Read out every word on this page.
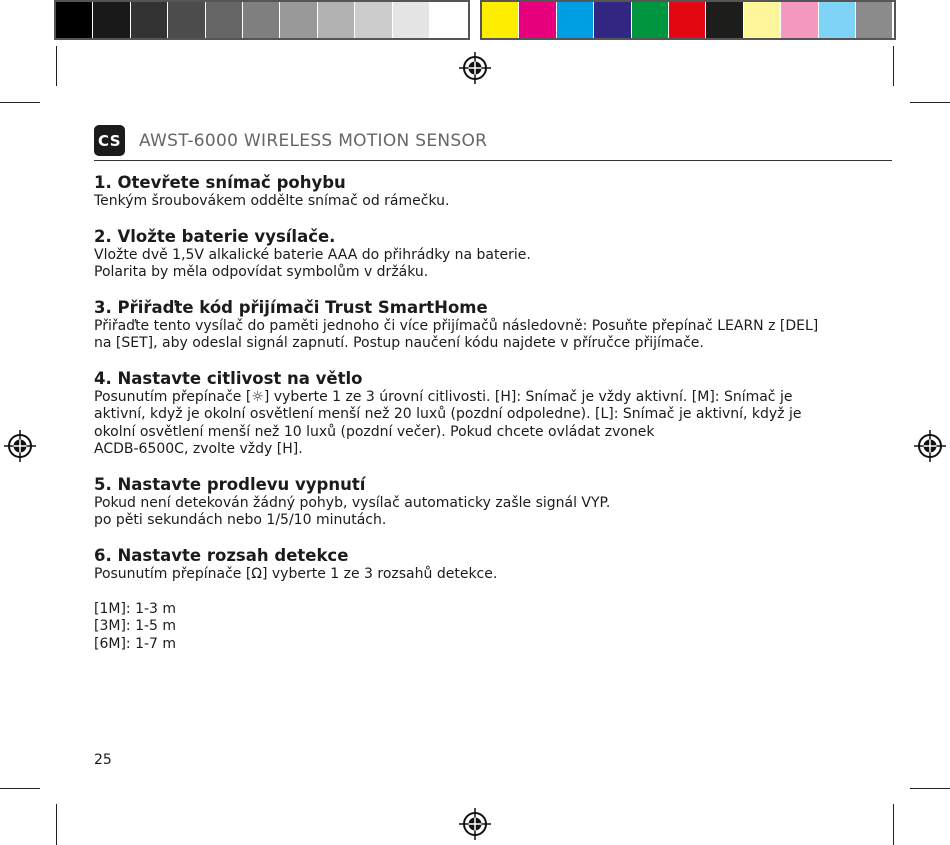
CS AWST-6000 WIRELESS MOTION SENSOR
1. Otevřete snímač pohybu

Tenkým šroubovákem oddělte snímač od rámečku.

2. Vložte baterie vysílače.

Vložte dvě 1,5V alkalické baterie AAA do přihrádky na baterie.

Polarita by měla odpovídat symbolům v držáku.

3. Přiřaďte kód přijímači Trust SmartHome

Přiřaďte tento vysílač do paměti jednoho či více přijímačů následovně: Posuňte přepínač LEARN z [DEL]

na [SET], aby odeslal signál zapnutí. Postup naučení kódu najdete v příručce přijímače.

4. Nastavte citlivost na větlo

Posunutím přepínače [☼] vyberte 1 ze 3 úrovní citlivosti. [H]: Snímač je vždy aktivní. [M]: Snímač je

aktivní, když je okolní osvětlení menší než 20 luxů (pozdní odpoledne). [L]: Snímač je aktivní, když je

okolní osvětlení menší než 10 luxů (pozdní večer). Pokud chcete ovládat zvonek

ACDB-6500C, zvolte vždy [H].

5. Nastavte prodlevu vypnutí

Pokud není detekován žádný pohyb, vysílač automaticky zašle signál VYP.

po pěti sekundách nebo 1/5/10 minutách.

6. Nastavte rozsah detekce

Posunutím přepínače [Ω] vyberte 1 ze 3 rozsahů detekce.

[1M]: 1-3 m

[3M]: 1-5 m

[6M]: 1-7 m

25
